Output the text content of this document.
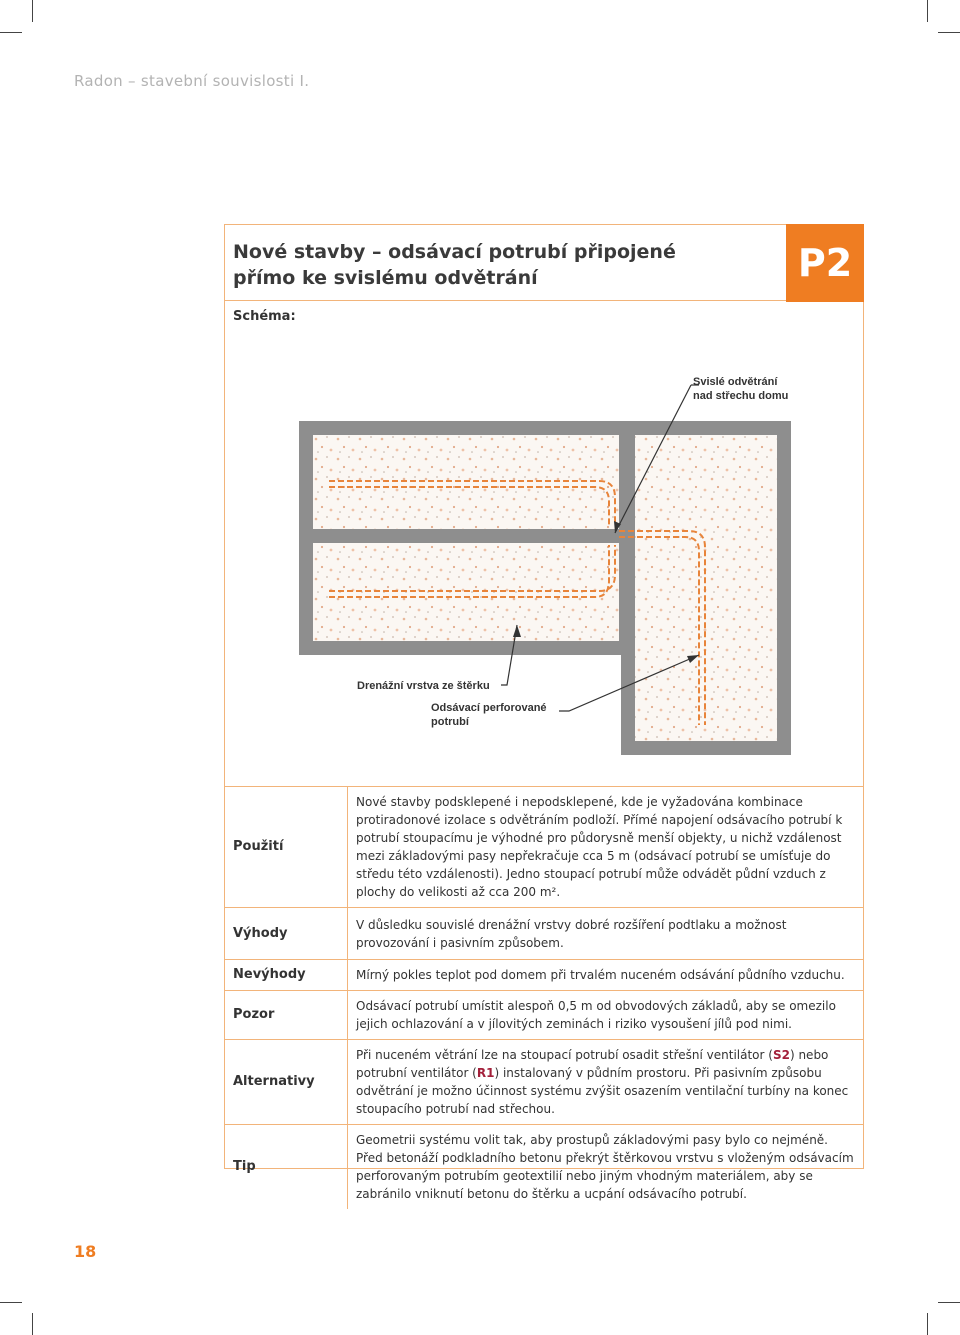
Radon – stavební souvislosti I.
Nové stavby – odsávací potrubí připojené
přímo ke svislému odvětrání	P2
Schéma:
Svislé odvětrání
nad střechu domu
Drenážní vrstva ze štěrku
Odsávací perforované
potrubí
Použití	Nové stavby podsklepené i nepodsklepené, kde je vyžadována kombinace protiradonové izolace s odvětráním podloží. Přímé napojení odsávacího potrubí k potrubí stoupacímu je výhodné pro půdorysně menší objekty, u nichž vzdálenost mezi základovými pasy nepřekračuje cca 5 m (odsávací potrubí se umísťuje do středu této vzdálenosti). Jedno stoupací potrubí může odvádět půdní vzduch z plochy do velikosti až cca 200 m².
Výhody	V důsledku souvislé drenážní vrstvy dobré rozšíření podtlaku a možnost provozování i pasivním způsobem.
Nevýhody	Mírný pokles teplot pod domem při trvalém nuceném odsávání půdního vzduchu.
Pozor	Odsávací potrubí umístit alespoň 0,5 m od obvodových základů, aby se omezilo jejich ochlazování a v jílovitých zeminách i riziko vysoušení jílů pod nimi.
Alternativy	Při nuceném větrání lze na stoupací potrubí osadit střešní ventilátor (S2) nebo potrubní ventilátor (R1) instalovaný v půdním prostoru. Při pasivním způsobu odvětrání je možno účinnost systému zvýšit osazením ventilační turbíny na konec stoupacího potrubí nad střechou.
Tip	Geometrii systému volit tak, aby prostupů základovými pasy bylo co nejméně.
Před betonáží podkladního betonu překrýt štěrkovou vrstvu s vloženým odsávacím perforovaným potrubím geotextilií nebo jiným vhodným materiálem, aby se zabránilo vniknutí betonu do štěrku a ucpání odsávacího potrubí.
18
